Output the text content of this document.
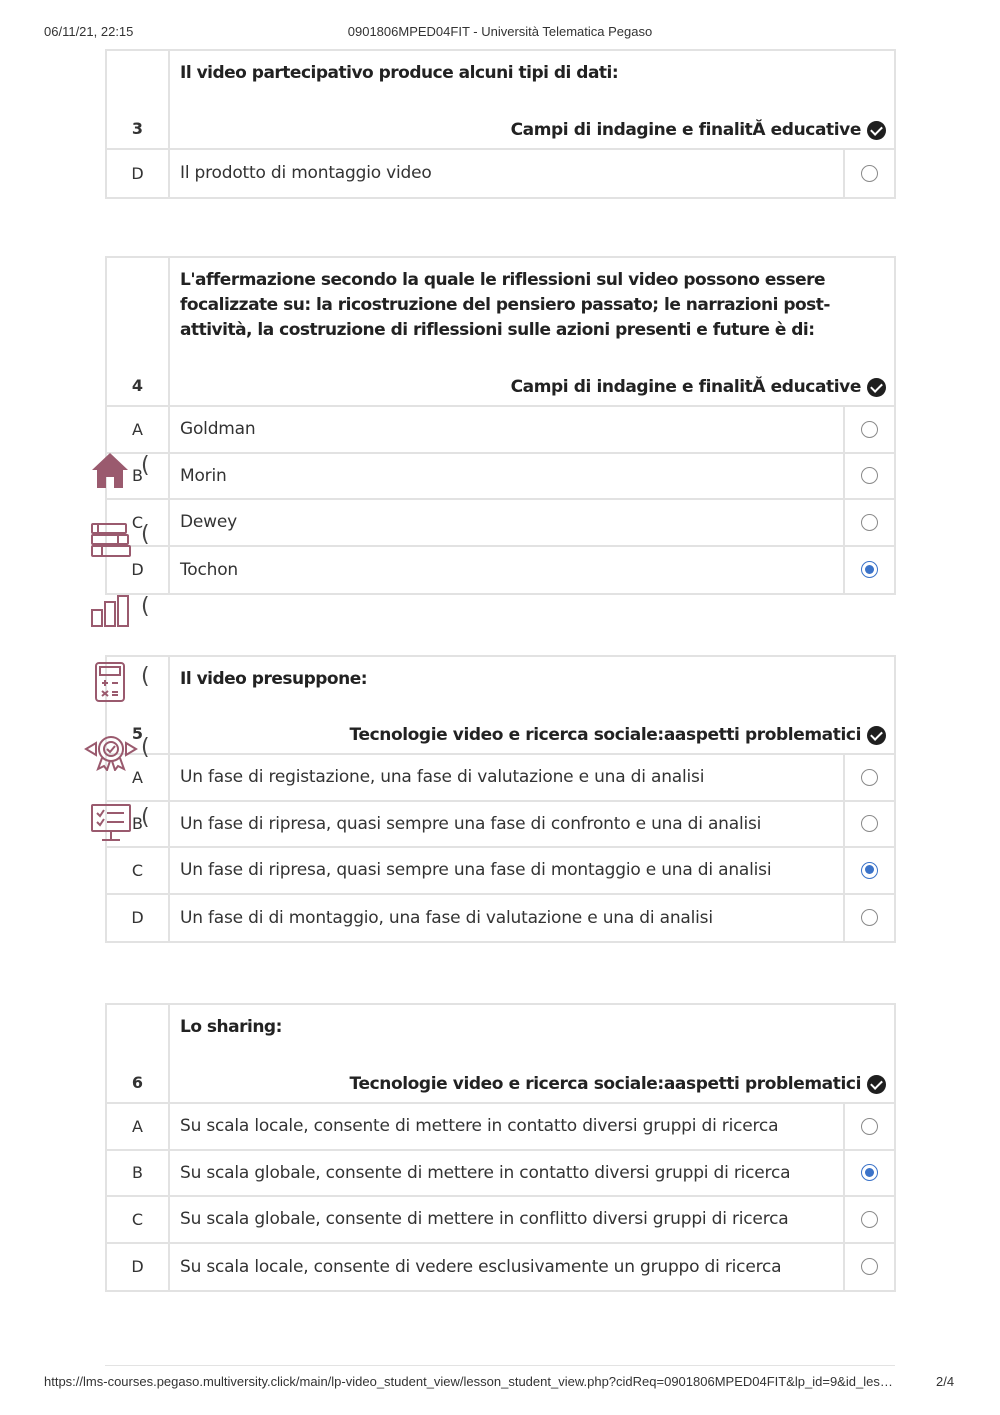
06/11/21, 22:15	0901806MPED04FIT - Università Telematica Pegaso
3
Il video partecipativo produce alcuni tipi di dati:
Campi di indagine e finalitĂ educative
D	Il prodotto di montaggio video
4
L'affermazione secondo la quale le riflessioni sul video possono essere focalizzate su: la ricostruzione del pensiero passato; le narrazioni post-attività, la costruzione di riflessioni sulle azioni presenti e future è di:
Campi di indagine e finalitĂ educative
A	Goldman
B	Morin
C	Dewey
D	Tochon
5
Il video presuppone:
Tecnologie video e ricerca sociale:aaspetti problematici
A	Un fase di registazione, una fase di valutazione e una di analisi
B	Un fase di ripresa, quasi sempre una fase di confronto e una di analisi
C	Un fase di ripresa, quasi sempre una fase di montaggio e una di analisi
D	Un fase di di montaggio, una fase di valutazione e una di analisi
6
Lo sharing:
Tecnologie video e ricerca sociale:aaspetti problematici
A	Su scala locale, consente di mettere in contatto diversi gruppi di ricerca
B	Su scala globale, consente di mettere in contatto diversi gruppi di ricerca
C	Su scala globale, consente di mettere in conflitto diversi gruppi di ricerca
D	Su scala locale, consente di vedere esclusivamente un gruppo di ricerca
(
(
(
(
(
(
https://lms-courses.pegaso.multiversity.click/main/lp-video_student_view/lesson_student_view.php?cidReq=0901806MPED04FIT&lp_id=9&id_les…	2/4
